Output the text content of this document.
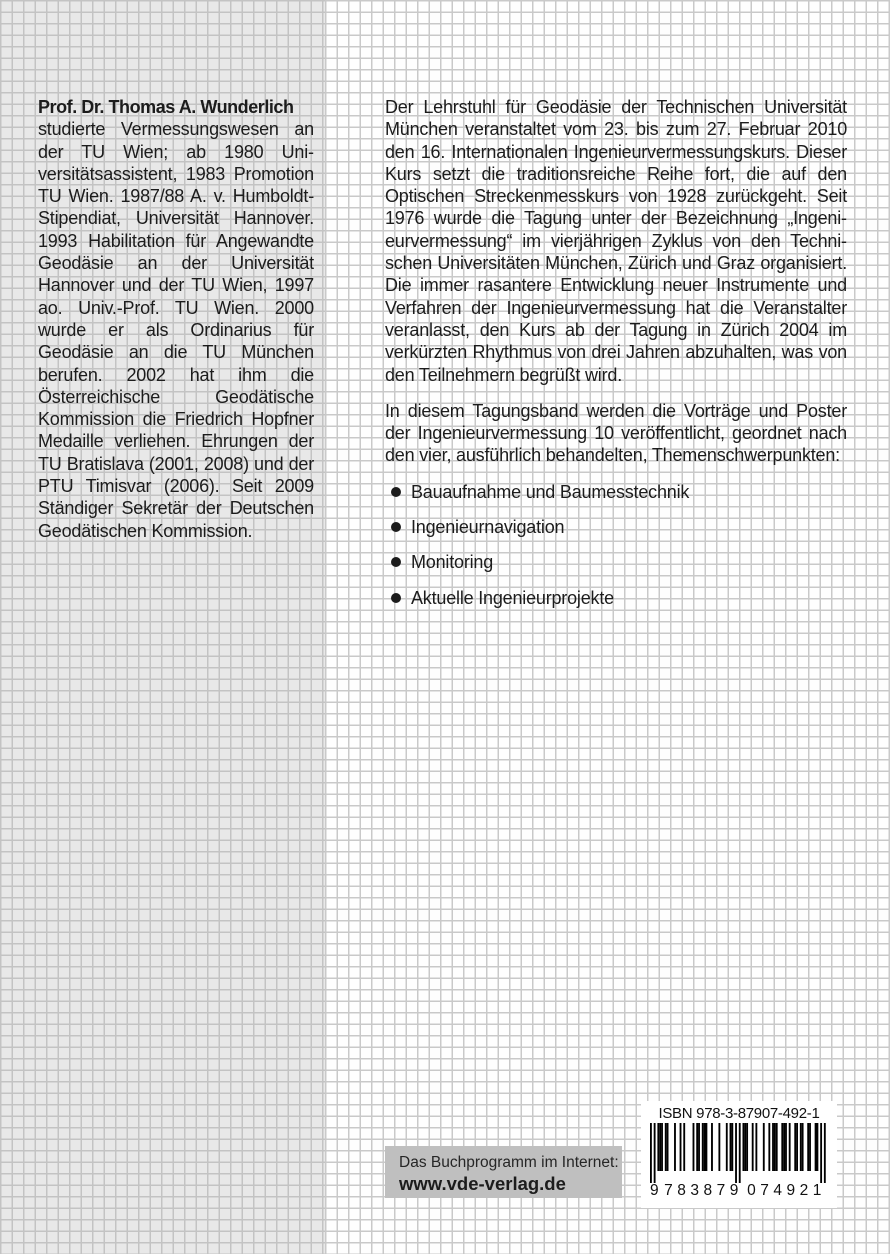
Prof. Dr. Thomas A. Wunderlich

studierte Vermessungswesen an der TU Wien; ab 1980 Universitätsassistent, 1983 Promotion TU Wien. 1987/88 A. v. Humboldt-Stipendiat, Universität Hannover. 1993 Habilitation für Angewandte Geodäsie an der Universität Hannover und der TU Wien, 1997 ao. Univ.-Prof. TU Wien. 2000 wurde er als Ordinarius für Geodäsie an die TU München berufen. 2002 hat ihm die Österreichische Geodätische Kommission die Friedrich Hopfner Medaille verliehen. Ehrungen der TU Bratislava (2001, 2008) und der PTU Timisvar (2006). Seit 2009 Ständiger Sekretär der Deutschen Geodätischen Kommission.

Der Lehrstuhl für Geodäsie der Technischen Universität München veranstaltet vom 23. bis zum 27. Februar 2010 den 16. Internationalen Ingenieurvermessungskurs. Dieser Kurs setzt die traditionsreiche Reihe fort, die auf den Optischen Streckenmesskurs von 1928 zurückgeht. Seit 1976 wurde die Tagung unter der Bezeichnung „Ingenieurvermessung“ im vierjährigen Zyklus von den Technischen Universitäten München, Zürich und Graz organisiert. Die immer rasantere Entwicklung neuer Instrumente und Verfahren der Ingenieurvermessung hat die Veranstalter veranlasst, den Kurs ab der Tagung in Zürich 2004 im verkürzten Rhythmus von drei Jahren abzuhalten, was von den Teilnehmern begrüßt wird.

In diesem Tagungsband werden die Vorträge und Poster der Ingenieurvermessung 10 veröffentlicht, geordnet nach den vier, ausführlich behandelten, Themenschwerpunkten:

Bauaufnahme und Baumesstechnik
Ingenieurnavigation
Monitoring
Aktuelle Ingenieurprojekte

Das Buchprogramm im Internet:

www.vde-verlag.de

ISBN 978-3-87907-492-1

9 783879 074921
